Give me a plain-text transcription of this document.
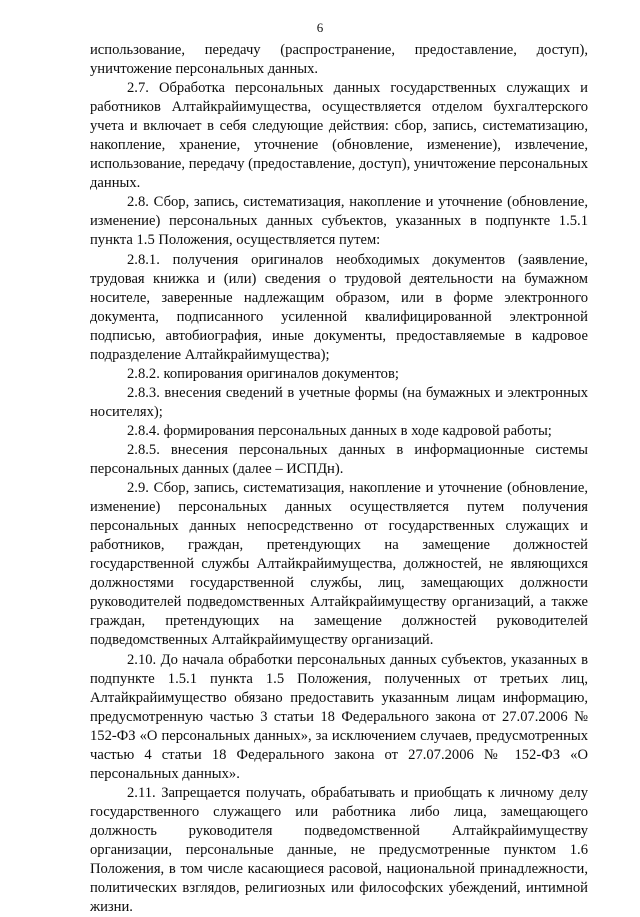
6

использование, передачу (распространение, предоставление, доступ), уничтожение персональных данных.

2.7. Обработка персональных данных государственных служащих и работников Алтайкрайимущества, осуществляется отделом бухгалтерского учета и включает в себя следующие действия: сбор, запись, систематизацию, накопление, хранение, уточнение (обновление, изменение), извлечение, использование, передачу (предоставление, доступ), уничтожение персональных данных.

2.8. Сбор, запись, систематизация, накопление и уточнение (обновление, изменение) персональных данных субъектов, указанных в подпункте 1.5.1 пункта 1.5 Положения, осуществляется путем:

2.8.1. получения оригиналов необходимых документов (заявление, трудовая книжка и (или) сведения о трудовой деятельности на бумажном носителе, заверенные надлежащим образом, или в форме электронного документа, подписанного усиленной квалифицированной электронной подписью, автобиография, иные документы, предоставляемые в кадровое подразделение Алтайкрайимущества);

2.8.2. копирования оригиналов документов;

2.8.3. внесения сведений в учетные формы (на бумажных и электронных носителях);

2.8.4. формирования персональных данных в ходе кадровой работы;

2.8.5. внесения персональных данных в информационные системы персональных данных (далее – ИСПДн).

2.9. Сбор, запись, систематизация, накопление и уточнение (обновление, изменение) персональных данных осуществляется путем получения персональных данных непосредственно от государственных служащих и работников, граждан, претендующих на замещение должностей государственной службы Алтайкрайимущества, должностей, не являющихся должностями государственной службы, лиц, замещающих должности руководителей подведомственных Алтайкрайимуществу организаций, а также граждан, претендующих на замещение должностей руководителей подведомственных Алтайкрайимуществу организаций.

2.10. До начала обработки персональных данных субъектов, указанных в подпункте 1.5.1 пункта 1.5 Положения, полученных от третьих лиц, Алтайкрайимущество обязано предоставить указанным лицам информацию, предусмотренную частью 3 статьи 18 Федерального закона от 27.07.2006 № 152-ФЗ «О персональных данных», за исключением случаев, предусмотренных частью 4 статьи 18 Федерального закона от 27.07.2006 № 152-ФЗ «О персональных данных».

2.11. Запрещается получать, обрабатывать и приобщать к личному делу государственного служащего или работника либо лица, замещающего должность руководителя подведомственной Алтайкрайимуществу организации, персональные данные, не предусмотренные пунктом 1.6 Положения, в том числе касающиеся расовой, национальной принадлежности, политических взглядов, религиозных или философских убеждений, интимной жизни.
